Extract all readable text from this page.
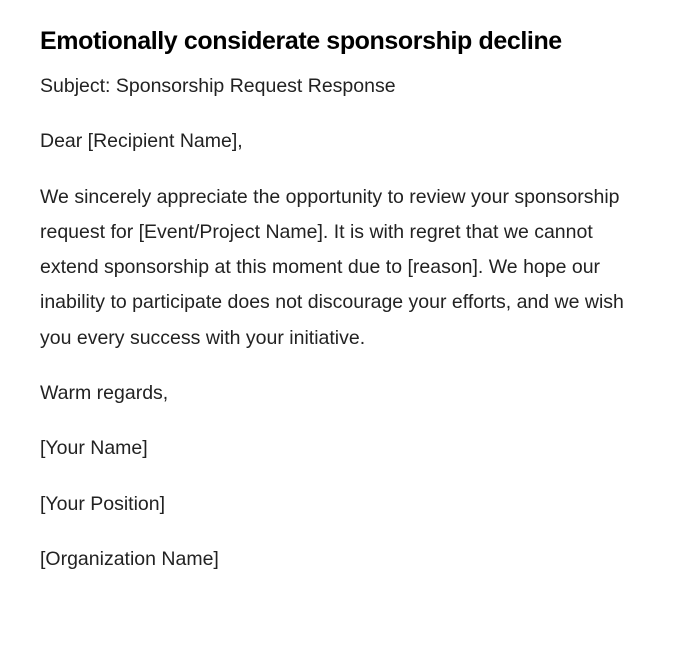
Emotionally considerate sponsorship decline

Subject: Sponsorship Request Response

Dear [Recipient Name],

We sincerely appreciate the opportunity to review your sponsorship request for [Event/Project Name]. It is with regret that we cannot extend sponsorship at this moment due to [reason]. We hope our inability to participate does not discourage your efforts, and we wish you every success with your initiative.

Warm regards,

[Your Name]

[Your Position]

[Organization Name]
